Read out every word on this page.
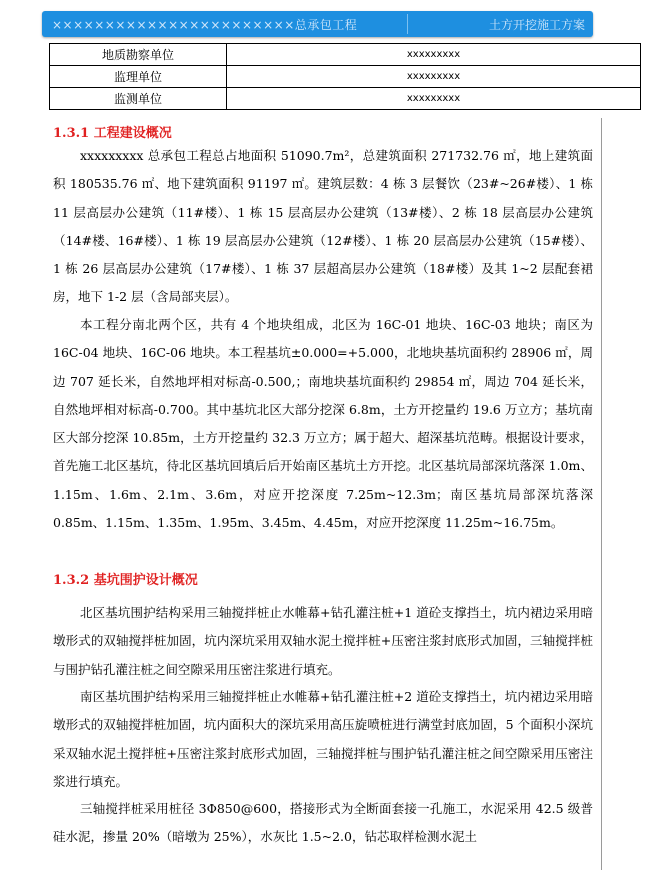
×××××××××××××××××××××××总承包工程	土方开挖施工方案
地质勘察单位	xxxxxxxxx
监理单位	xxxxxxxxx
监测单位	xxxxxxxxx
1.3.1 工程建设概况

xxxxxxxxx 总承包工程总占地面积 51090.7m²，总建筑面积 271732.76 ㎡，地上建筑面积 180535.76 ㎡、地下建筑面积 91197 ㎡。建筑层数：4 栋 3 层餐饮（23#~26#楼）、1 栋 11 层高层办公建筑（11#楼）、1 栋 15 层高层办公建筑（13#楼）、2 栋 18 层高层办公建筑（14#楼、16#楼）、1 栋 19 层高层办公建筑（12#楼）、1 栋 20 层高层办公建筑（15#楼）、1 栋 26 层高层办公建筑（17#楼）、1 栋 37 层超高层办公建筑（18#楼）及其 1~2 层配套裙房，地下 1-2 层（含局部夹层）。

本工程分南北两个区，共有 4 个地块组成，北区为 16C-01 地块、16C-03 地块；南区为 16C-04 地块、16C-06 地块。本工程基坑±0.000=+5.000，北地块基坑面积约 28906 ㎡，周边 707 延长米，自然地坪相对标高-0.500,；南地块基坑面积约 29854 ㎡，周边 704 延长米，自然地坪相对标高-0.700。其中基坑北区大部分挖深 6.8m，土方开挖量约 19.6 万立方；基坑南区大部分挖深 10.85m，土方开挖量约 32.3 万立方；属于超大、超深基坑范畴。根据设计要求，首先施工北区基坑，待北区基坑回填后后开始南区基坑土方开挖。北区基坑局部深坑落深 1.0m、1.15m、1.6m、2.1m、3.6m，对应开挖深度 7.25m~12.3m；南区基坑局部深坑落深 0.85m、1.15m、1.35m、1.95m、3.45m、4.45m，对应开挖深度 11.25m~16.75m。

1.3.2 基坑围护设计概况

北区基坑围护结构采用三轴搅拌桩止水帷幕+钻孔灌注桩+1 道砼支撑挡土，坑内裙边采用暗墩形式的双轴搅拌桩加固，坑内深坑采用双轴水泥土搅拌桩+压密注浆封底形式加固，三轴搅拌桩与围护钻孔灌注桩之间空隙采用压密注浆进行填充。

南区基坑围护结构采用三轴搅拌桩止水帷幕+钻孔灌注桩+2 道砼支撑挡土，坑内裙边采用暗墩形式的双轴搅拌桩加固，坑内面积大的深坑采用高压旋喷桩进行满堂封底加固，5 个面积小深坑采双轴水泥土搅拌桩+压密注浆封底形式加固，三轴搅拌桩与围护钻孔灌注桩之间空隙采用压密注浆进行填充。

三轴搅拌桩采用桩径 3Φ850@600，搭接形式为全断面套接一孔施工，水泥采用 42.5 级普硅水泥，掺量 20%（暗墩为 25%），水灰比 1.5~2.0，钻芯取样检测水泥土
